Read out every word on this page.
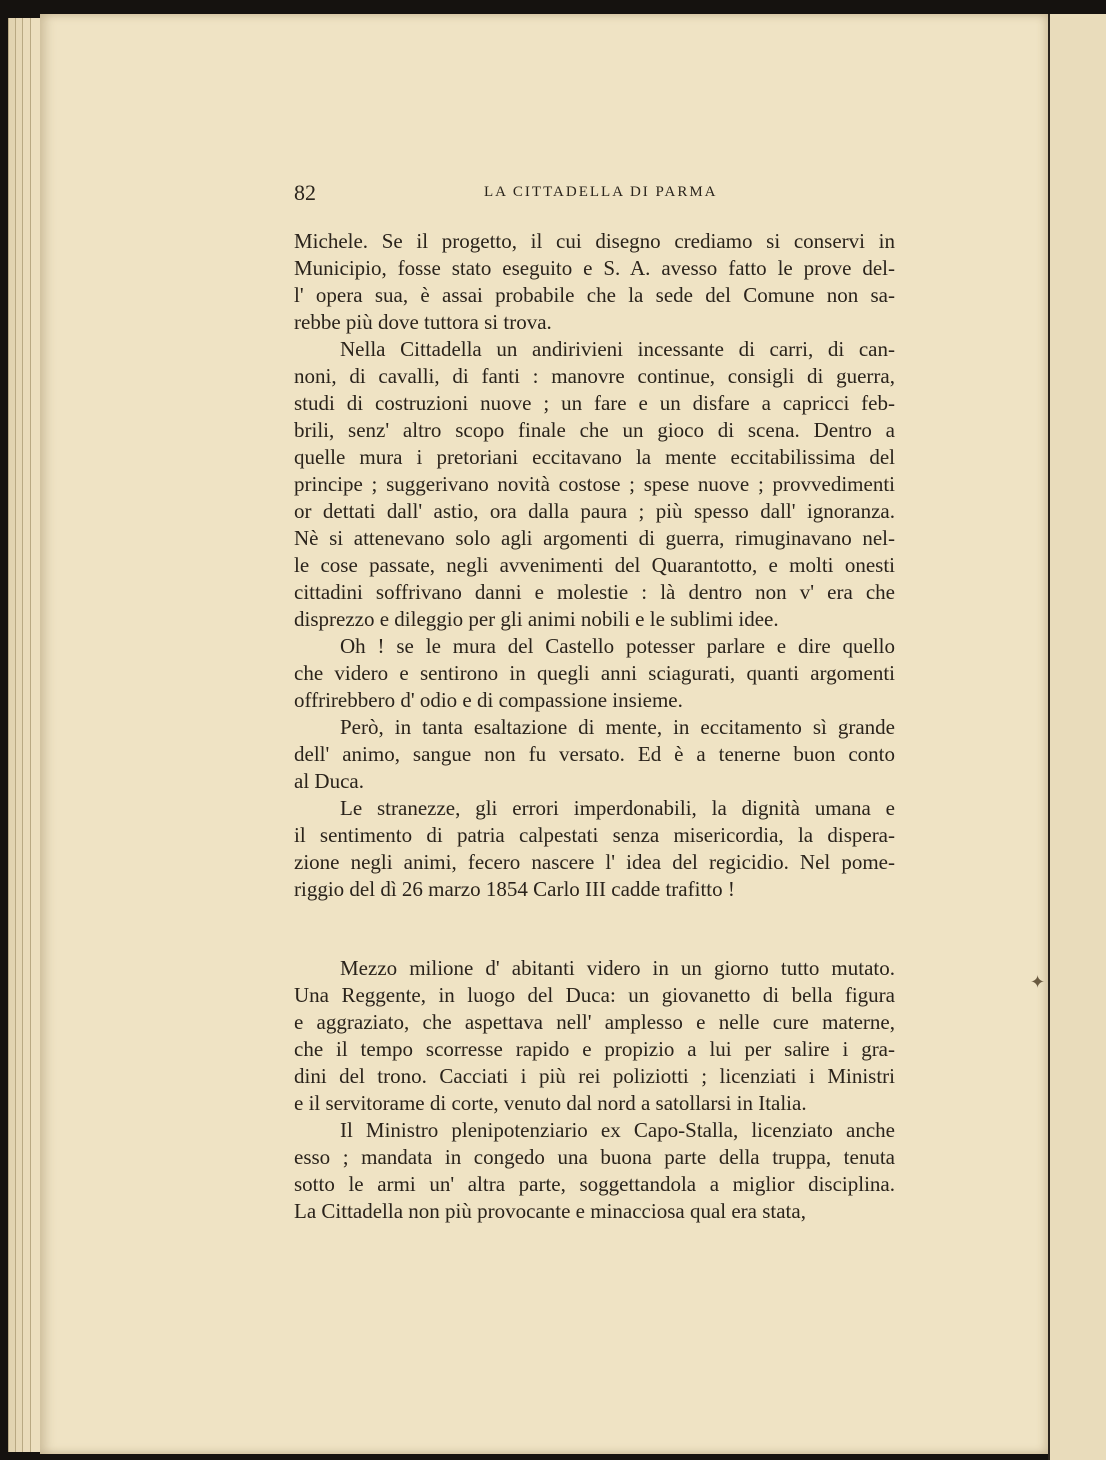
✦
82	LA CITTADELLA DI PARMA
Michele. Se il progetto, il cui disegno crediamo si conservi in
Municipio, fosse stato eseguito e S. A. avesso fatto le prove del-
l' opera sua, è assai probabile che la sede del Comune non sa-
rebbe più dove tuttora si trova.
Nella Cittadella un andirivieni incessante di carri, di can-
noni, di cavalli, di fanti : manovre continue, consigli di guerra,
studi di costruzioni nuove ; un fare e un disfare a capricci feb-
brili, senz' altro scopo finale che un gioco di scena. Dentro a
quelle mura i pretoriani eccitavano la mente eccitabilissima del
principe ; suggerivano novità costose ; spese nuove ; provvedimenti
or dettati dall' astio, ora dalla paura ; più spesso dall' ignoranza.
Nè si attenevano solo agli argomenti di guerra, rimuginavano nel-
le cose passate, negli avvenimenti del Quarantotto, e molti onesti
cittadini soffrivano danni e molestie : là dentro non v' era che
disprezzo e dileggio per gli animi nobili e le sublimi idee.
Oh ! se le mura del Castello potesser parlare e dire quello
che videro e sentirono in quegli anni sciagurati, quanti argomenti
offrirebbero d' odio e di compassione insieme.
Però, in tanta esaltazione di mente, in eccitamento sì grande
dell' animo, sangue non fu versato. Ed è a tenerne buon conto
al Duca.
Le stranezze, gli errori imperdonabili, la dignità umana e
il sentimento di patria calpestati senza misericordia, la dispera-
zione negli animi, fecero nascere l' idea del regicidio. Nel pome-
riggio del dì 26 marzo 1854 Carlo III cadde trafitto !
Mezzo milione d' abitanti videro in un giorno tutto mutato.
Una Reggente, in luogo del Duca: un giovanetto di bella figura
e aggraziato, che aspettava nell' amplesso e nelle cure materne,
che il tempo scorresse rapido e propizio a lui per salire i gra-
dini del trono. Cacciati i più rei poliziotti ; licenziati i Ministri
e il servitorame di corte, venuto dal nord a satollarsi in Italia.
Il Ministro plenipotenziario ex Capo-Stalla, licenziato anche
esso ; mandata in congedo una buona parte della truppa, tenuta
sotto le armi un' altra parte, soggettandola a miglior disciplina.
La Cittadella non più provocante e minacciosa qual era stata,
